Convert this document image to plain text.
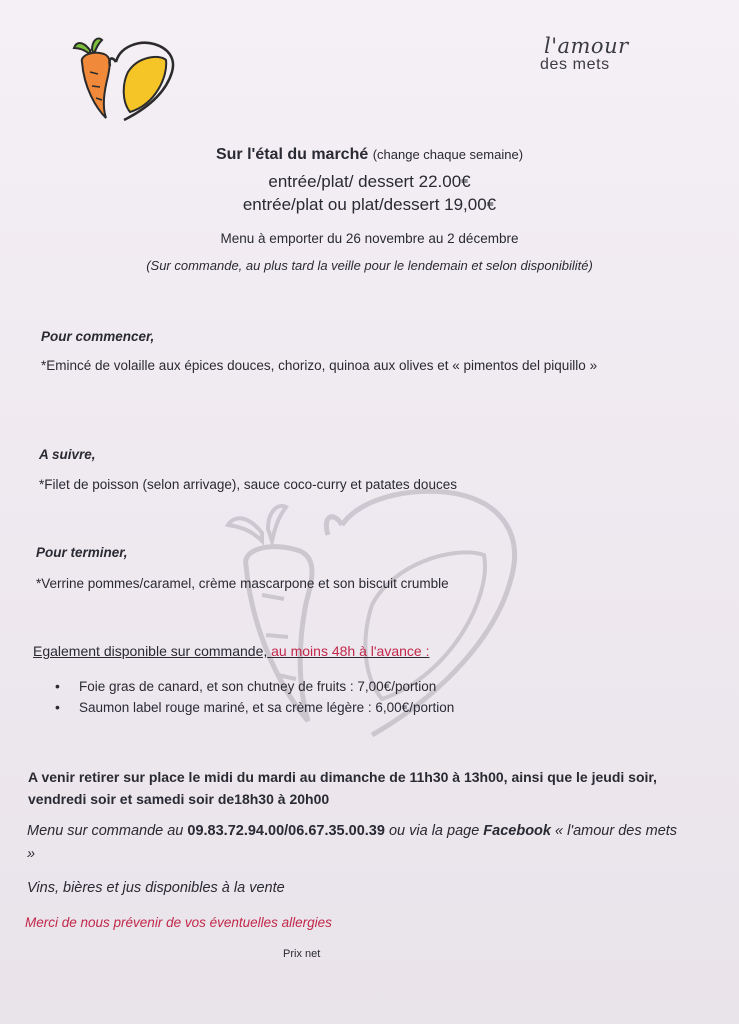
l'amour
des mets
Sur l'étal du marché (change chaque semaine)
entrée/plat/ dessert 22.00€
entrée/plat ou plat/dessert 19,00€
Menu à emporter du 26 novembre au 2 décembre
(Sur commande, au plus tard la veille pour le lendemain et selon disponibilité)
Pour commencer,
*Emincé de volaille aux épices douces, chorizo, quinoa aux olives et « pimentos del piquillo »
A suivre,
*Filet de poisson (selon arrivage), sauce coco-curry et patates douces
Pour terminer,
*Verrine pommes/caramel, crème mascarpone et son biscuit crumble
Egalement disponible sur commande, au moins 48h à l'avance :
• Foie gras de canard, et son chutney de fruits : 7,00€/portion
• Saumon label rouge mariné, et sa crème légère : 6,00€/portion
A venir retirer sur place le midi du mardi au dimanche de 11h30 à 13h00, ainsi que le jeudi soir, vendredi soir et samedi soir de18h30 à 20h00
Menu sur commande au 09.83.72.94.00/06.67.35.00.39 ou via la page Facebook « l'amour des mets »
Vins, bières et jus disponibles à la vente
Merci de nous prévenir de vos éventuelles allergies
Prix net
